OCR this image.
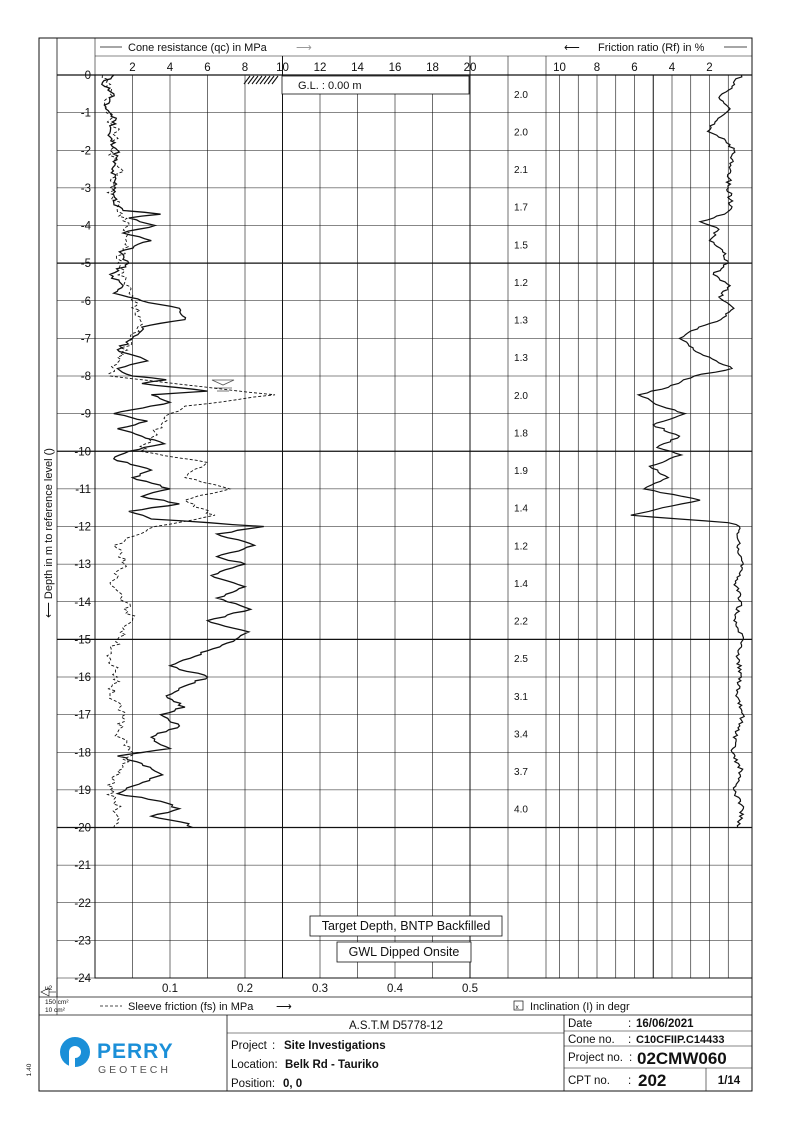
0
-1
-2
-3
-4
-5
-6
-7
-8
-9
-10
-11
-12
-13
-14
-15
-16
-17
-18
-19
-20
-21
-22
-23
-24
2	4	6	8 10 12 14 16 18 20	10 8	6	4	2
0.1	0.2	0.3	0.4	0.5
2.0
2.0
2.1
1.7
1.5
1.2
1.3
1.3
2.0
1.8
1.9
1.4
1.2
1.4
2.2
2.5
3.1
3.4
3.7
4.0
Cone resistance (qc) in MPa	⟶	⟵ Friction ratio (Rf) in %
G.L. : 0.00 m
⟵ Depth in m to reference level ()
Target Depth, BNTP Backfilled
GWL Dipped Onsite
u2
150 cm²
10 cm²	Sleeve friction (fs) in MPa ⟶	x Inclination (I) in degr
A.S.T.M D5778-12
Project : Site Investigations
Location: Belk Rd - Tauriko
Position: 0, 0
Date	: 16/06/2021
Cone no. : C10CFIIP.C14433
Project no. : 02CMW060
CPT no. : 202	1/14
PERRY
GEOTECH
1.40
